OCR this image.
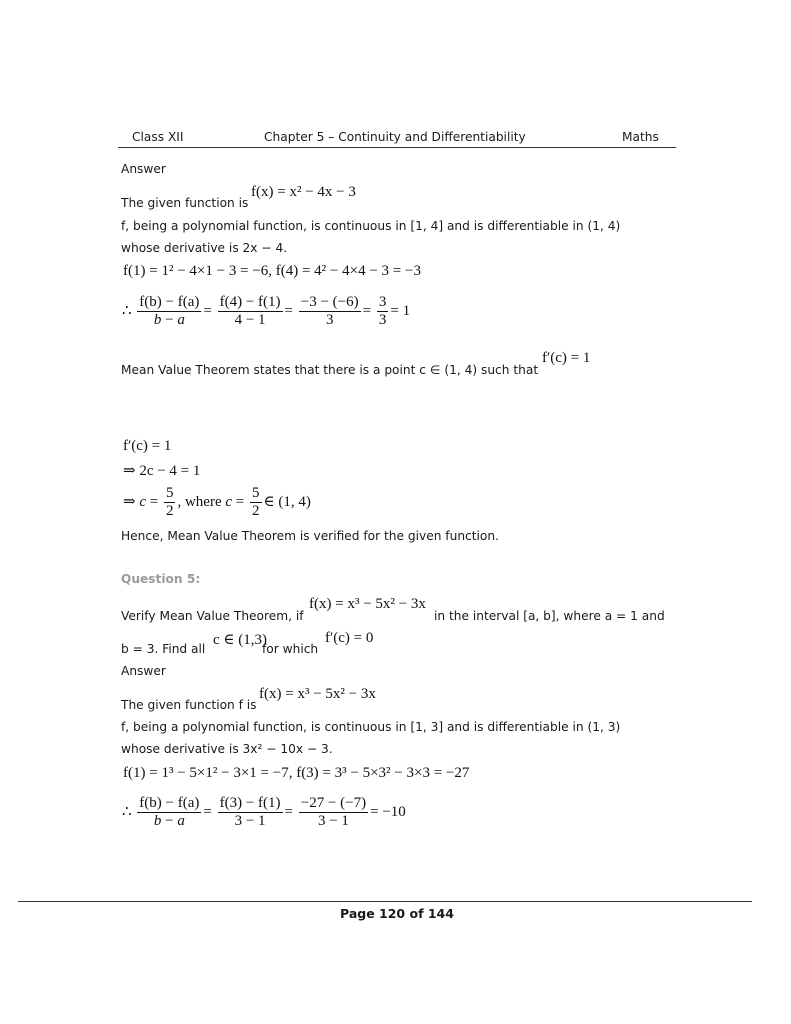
Class XII	Chapter 5 – Continuity and Differentiability	Maths
Answer
The given function is
f(x) = x² − 4x − 3
f, being a polynomial function, is continuous in [1, 4] and is differentiable in (1, 4)
whose derivative is 2x − 4.
f(1) = 1² − 4×1 − 3 = −6, f(4) = 4² − 4×4 − 3 = −3
∴ $\frac{f(b) - f(a)}{b - a} = \frac{f(4) - f(1)}{4 - 1} = \frac{-3 - (-6)}{3} = \frac{3}{3} = 1$
Mean Value Theorem states that there is a point c ∈ (1, 4) such that
f′(c) = 1
f′(c) = 1
⇒ 2c − 4 = 1
⇒ $c = \frac{5}{2}$ , where $c = \frac{5}{2}$ ∈ (1, 4)
Hence, Mean Value Theorem is verified for the given function.
Question 5:
Verify Mean Value Theorem, if
f(x) = x³ − 5x² − 3x
in the interval [a, b], where a = 1 and
b = 3. Find all
c ∈ (1,3)
for which
f′(c) = 0
Answer
The given function f is
f(x) = x³ − 5x² − 3x
f, being a polynomial function, is continuous in [1, 3] and is differentiable in (1, 3)
whose derivative is 3x² − 10x − 3.
f(1) = 1³ − 5×1² − 3×1 = −7, f(3) = 3³ − 5×3² − 3×3 = −27
∴ $\frac{f(b) - f(a)}{b - a} = \frac{f(3) - f(1)}{3 - 1} = \frac{-27 - (-7)}{3 - 1} = -10$
Page 120 of 144
